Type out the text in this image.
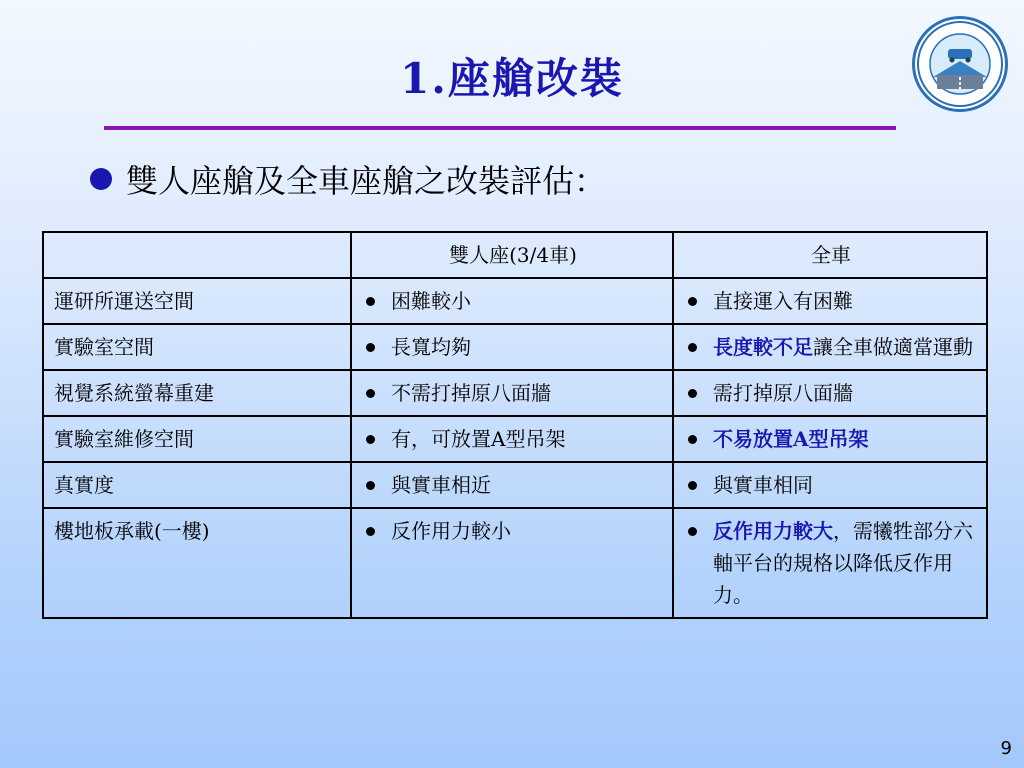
1.座艙改裝
雙人座艙及全車座艙之改裝評估：
	雙人座(3/4車)	全車
運研所運送空間	困難較小	直接運入有困難

實驗室空間	長寬均夠	長度較不足讓全車做適當運動

視覺系統螢幕重建	不需打掉原八面牆	需打掉原八面牆

實驗室維修空間	有，可放置A型吊架	不易放置A型吊架

真實度	與實車相近	與實車相同

樓地板承載(一樓)	反作用力較小	反作用力較大，需犧牲部分六軸平台的規格以降低反作用力。
9
